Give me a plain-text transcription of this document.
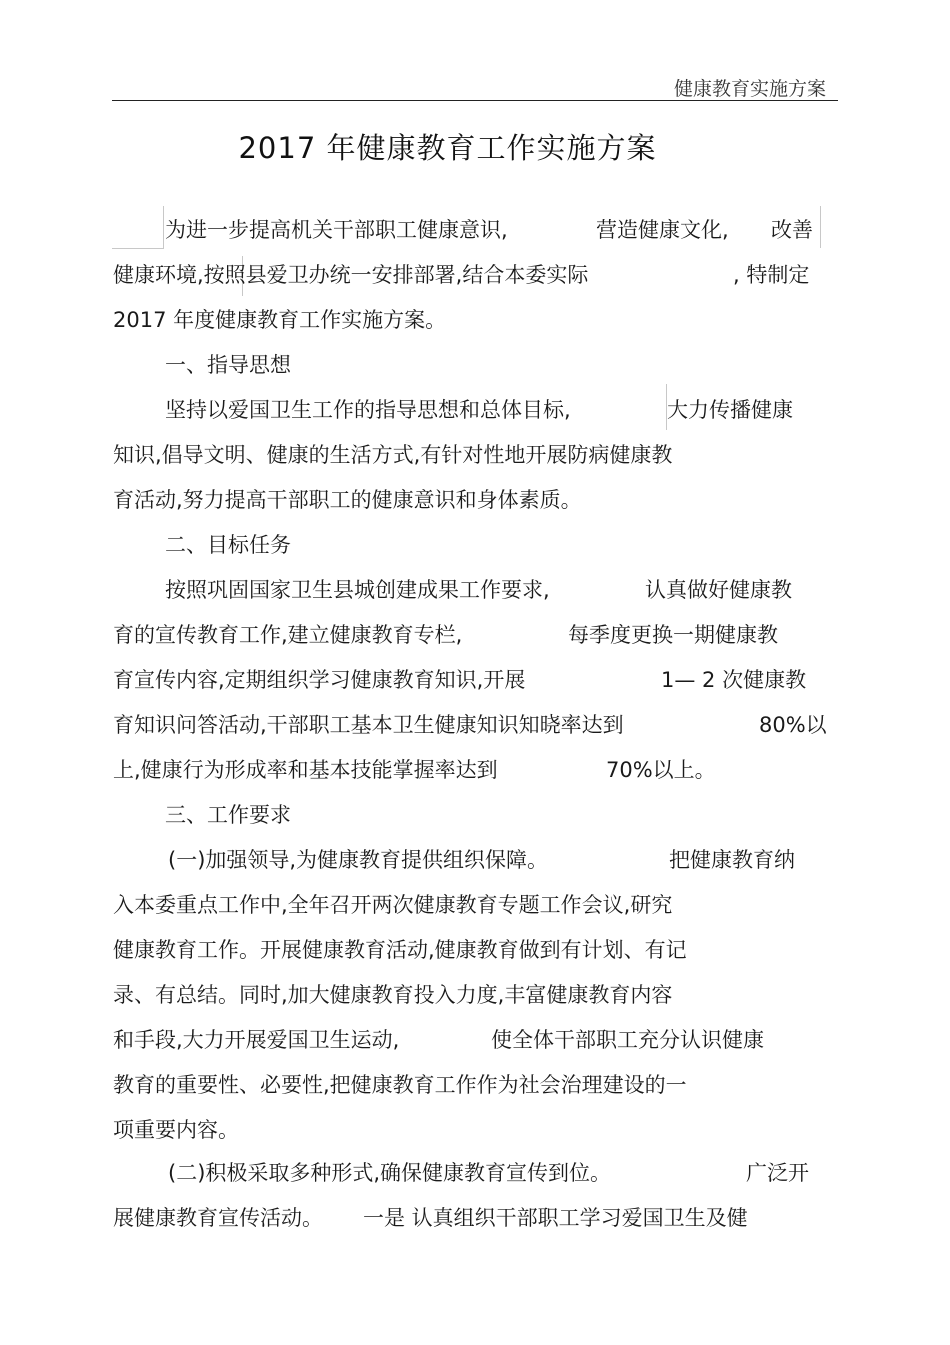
健康教育实施方案
2017 年健康教育工作实施方案
为进一步提高机关干部职工健康意识,	营造健康文化, 改善
健康环境,按照县爱卫办统一安排部署,结合本委实际	, 特制定
2017 年度健康教育工作实施方案。
一、指导思想
坚持以爱国卫生工作的指导思想和总体目标,	大力传播健康
知识,倡导文明、健康的生活方式,有针对性地开展防病健康教
育活动,努力提高干部职工的健康意识和身体素质。
二、目标任务
按照巩固国家卫生县城创建成果工作要求,	认真做好健康教
育的宣传教育工作,建立健康教育专栏,	每季度更换一期健康教
育宣传内容,定期组织学习健康教育知识,开展	1— 2 次健康教
育知识问答活动,干部职工基本卫生健康知识知晓率达到	80%以
上,健康行为形成率和基本技能掌握率达到	70%以上。
三、工作要求
(一)加强领导,为健康教育提供组织保障。	把健康教育纳
入本委重点工作中,全年召开两次健康教育专题工作会议,研究
健康教育工作。开展健康教育活动,健康教育做到有计划、有记
录、有总结。同时,加大健康教育投入力度,丰富健康教育内容
和手段,大力开展爱国卫生运动,	使全体干部职工充分认识健康
教育的重要性、必要性,把健康教育工作作为社会治理建设的一
项重要内容。
(二)积极采取多种形式,确保健康教育宣传到位。	广泛开
展健康教育宣传活动。 一是 认真组织干部职工学习爱国卫生及健
